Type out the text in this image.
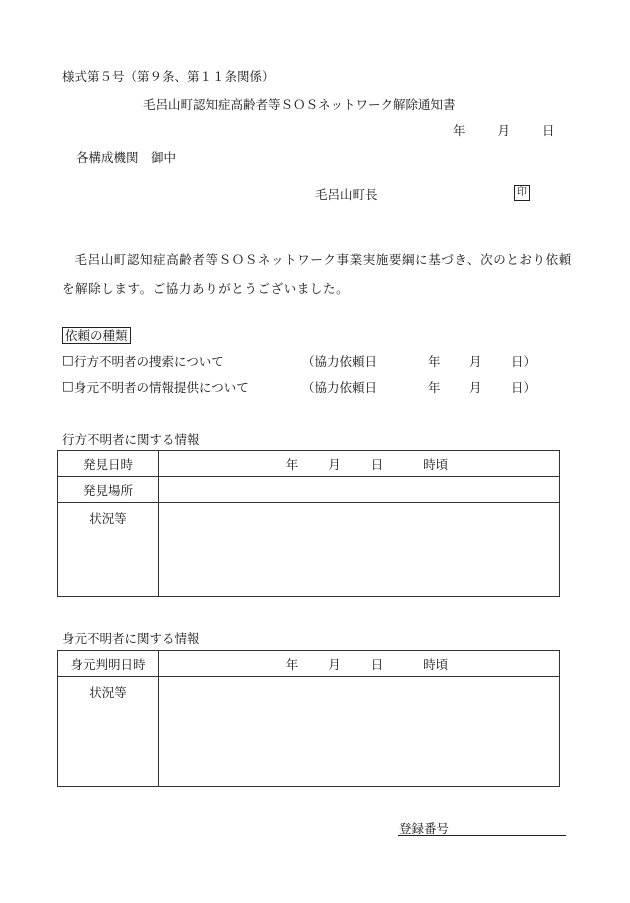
様式第５号（第９条、第１１条関係）
毛呂山町認知症高齢者等ＳＯＳネットワーク解除通知書
年	月	日
各構成機関　御中
毛呂山町長	印
毛呂山町認知症高齢者等ＳＯＳネットワーク事業実施要綱に基づき、次のとおり依頼を解除します。ご協力ありがとうございました。
依頼の種類
□ 行方不明者の捜索について	（協力依頼日	年 月 日）
□ 身元不明者の情報提供について	（協力依頼日	年 月 日）
行方不明者に関する情報
発見日時	年 月 日 時頃
発見場所	
状況等	
身元不明者に関する情報
身元判明日時	年 月 日 時頃
状況等	
登録番号
